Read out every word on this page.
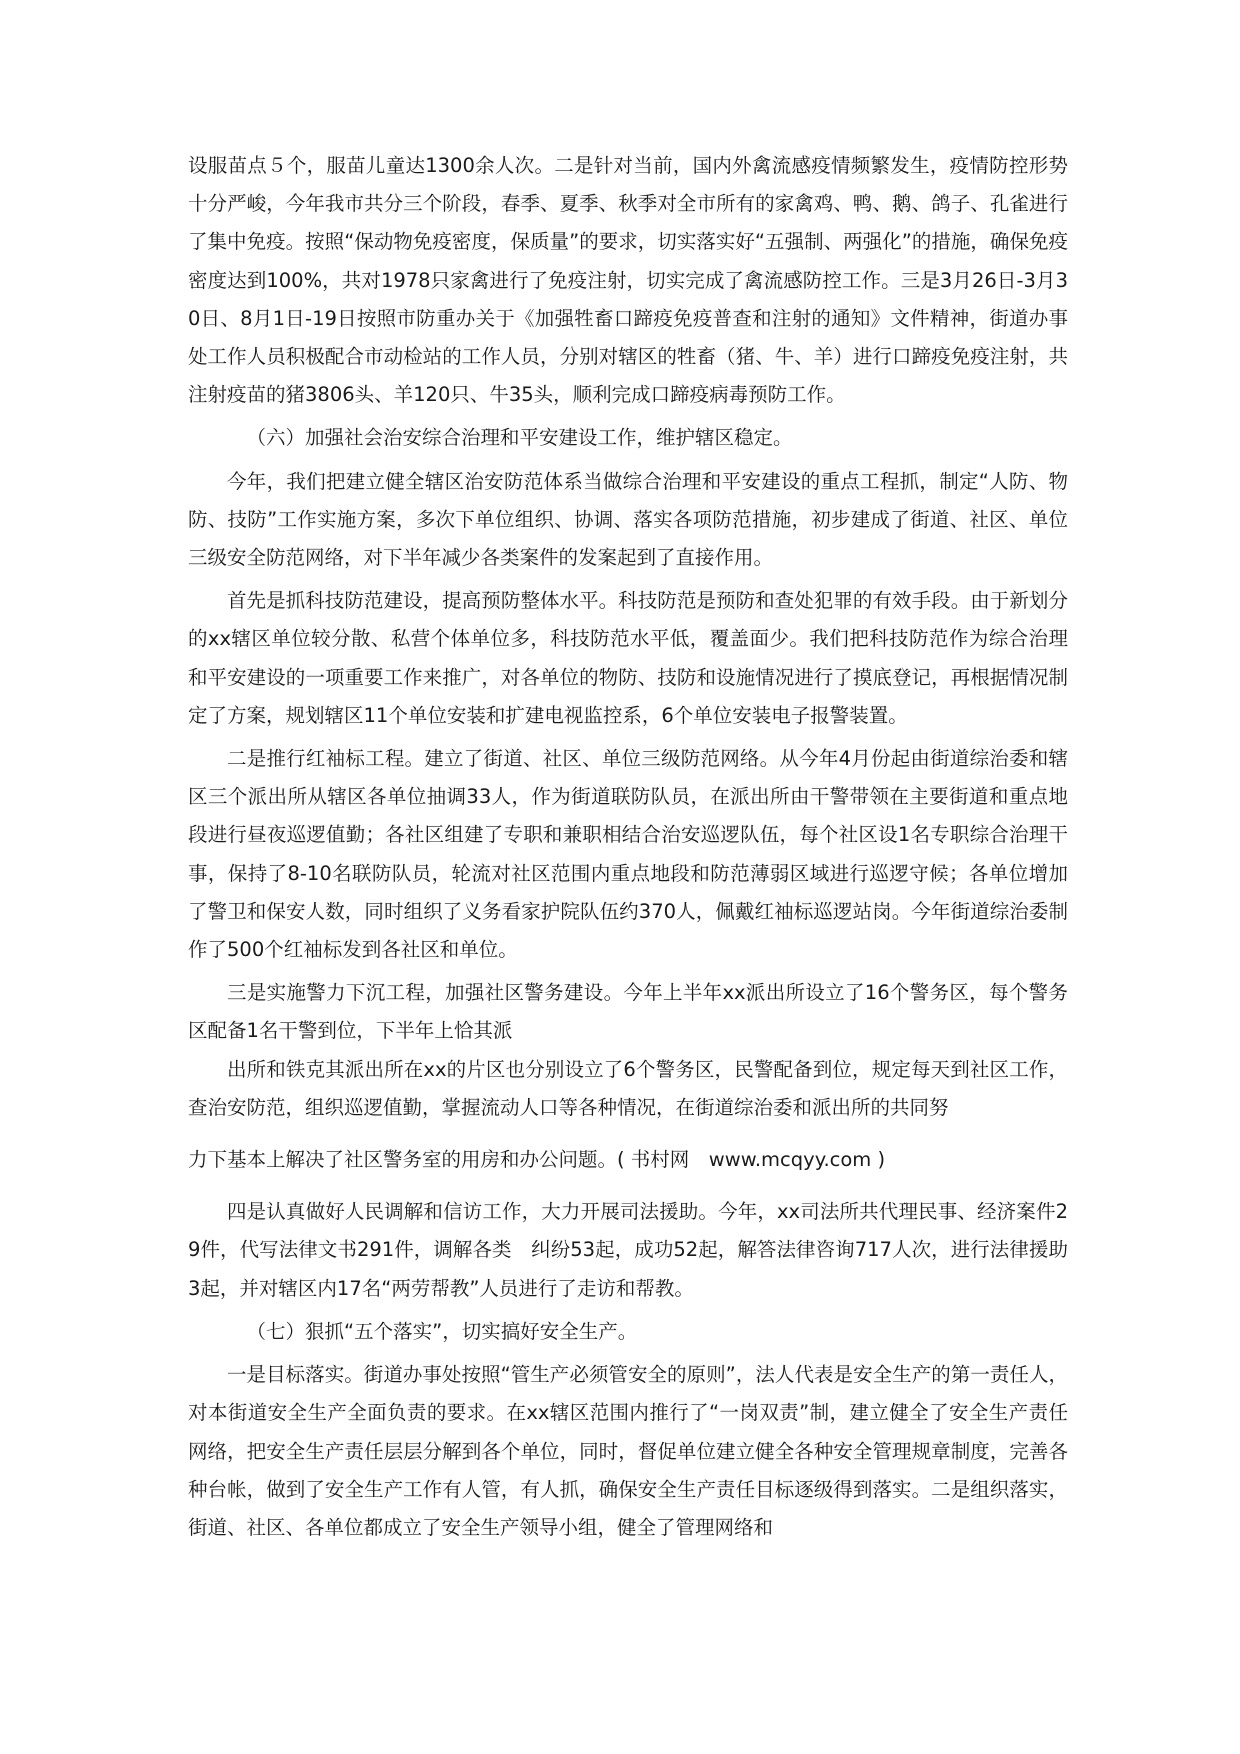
设服苗点５个，服苗儿童达1300余人次。二是针对当前，国内外禽流感疫情频繁发生，疫情防控形势十分严峻，今年我市共分三个阶段，春季、夏季、秋季对全市所有的家禽鸡、鸭、鹅、鸽子、孔雀进行了集中免疫。按照“保动物免疫密度，保质量”的要求，切实落实好“五强制、两强化”的措施，确保免疫密度达到100%，共对1978只家禽进行了免疫注射，切实完成了禽流感防控工作。三是3月26日-3月30日、8月1日-19日按照市防重办关于《加强牲畜口蹄疫免疫普查和注射的通知》文件精神，街道办事处工作人员积极配合市动检站的工作人员，分别对辖区的牲畜（猪、牛、羊）进行口蹄疫免疫注射，共注射疫苗的猪3806头、羊120只、牛35头，顺利完成口蹄疫病毒预防工作。

（六）加强社会治安综合治理和平安建设工作，维护辖区稳定。

今年，我们把建立健全辖区治安防范体系当做综合治理和平安建设的重点工程抓，制定“人防、物防、技防”工作实施方案，多次下单位组织、协调、落实各项防范措施，初步建成了街道、社区、单位三级安全防范网络，对下半年减少各类案件的发案起到了直接作用。

首先是抓科技防范建设，提高预防整体水平。科技防范是预防和查处犯罪的有效手段。由于新划分的xx辖区单位较分散、私营个体单位多，科技防范水平低，覆盖面少。我们把科技防范作为综合治理和平安建设的一项重要工作来推广，对各单位的物防、技防和设施情况进行了摸底登记，再根据情况制定了方案，规划辖区11个单位安装和扩建电视监控系，6个单位安装电子报警装置。

二是推行红袖标工程。建立了街道、社区、单位三级防范网络。从今年4月份起由街道综治委和辖区三个派出所从辖区各单位抽调33人，作为街道联防队员，在派出所由干警带领在主要街道和重点地段进行昼夜巡逻值勤；各社区组建了专职和兼职相结合治安巡逻队伍，每个社区设1名专职综合治理干事，保持了8-10名联防队员，轮流对社区范围内重点地段和防范薄弱区域进行巡逻守候；各单位增加了警卫和保安人数，同时组织了义务看家护院队伍约370人，佩戴红袖标巡逻站岗。今年街道综治委制作了500个红袖标发到各社区和单位。

三是实施警力下沉工程，加强社区警务建设。今年上半年xx派出所设立了16个警务区，每个警务区配备1名干警到位，下半年上恰其派

出所和铁克其派出所在xx的片区也分别设立了6个警务区，民警配备到位，规定每天到社区工作，查治安防范，组织巡逻值勤，掌握流动人口等各种情况，在街道综治委和派出所的共同努

力下基本上解决了社区警务室的用房和办公问题。( 书村网　www.mcqyy.com )

四是认真做好人民调解和信访工作，大力开展司法援助。今年，xx司法所共代理民事、经济案件29件，代写法律文书291件，调解各类　纠纷53起，成功52起，解答法律咨询717人次，进行法律援助3起，并对辖区内17名“两劳帮教”人员进行了走访和帮教。

（七）狠抓“五个落实”，切实搞好安全生产。

一是目标落实。街道办事处按照“管生产必须管安全的原则”，法人代表是安全生产的第一责任人，对本街道安全生产全面负责的要求。在xx辖区范围内推行了“一岗双责”制，建立健全了安全生产责任网络，把安全生产责任层层分解到各个单位，同时，督促单位建立健全各种安全管理规章制度，完善各种台帐，做到了安全生产工作有人管，有人抓，确保安全生产责任目标逐级得到落实。二是组织落实，街道、社区、各单位都成立了安全生产领导小组，健全了管理网络和
